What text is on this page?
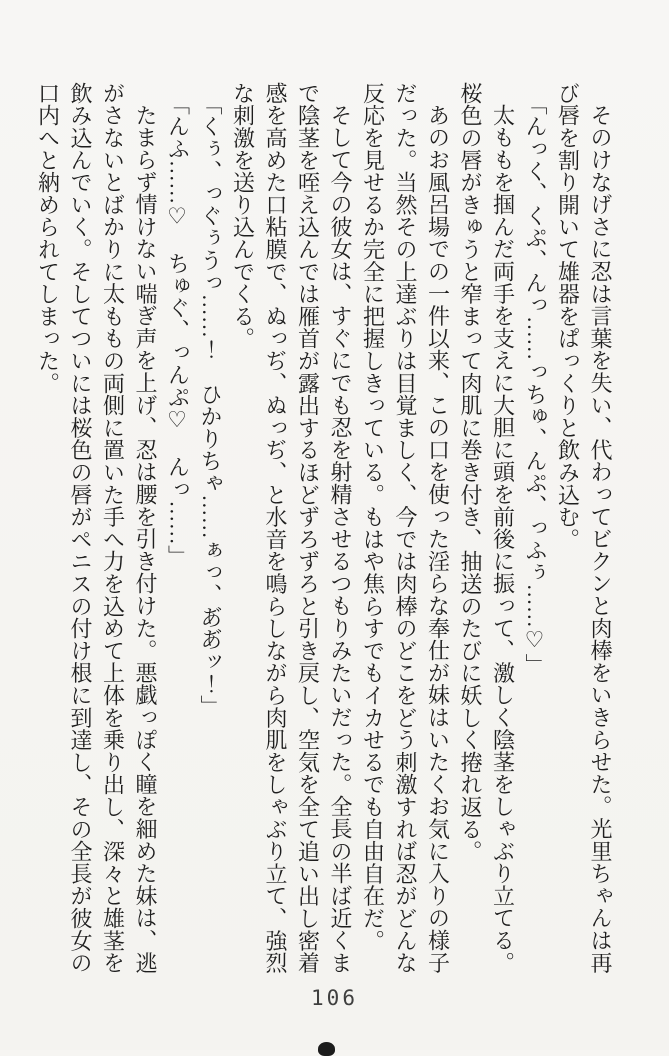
そのけなげさに忍は言葉を失い、代わってビクンと肉棒をいきらせた。光里ちゃんは再
び唇を割り開いて雄器をぱっくりと飲み込む。
「んっく、くぷ、んっ……っちゅ、んぷ、っふぅ……♡」
太ももを掴んだ両手を支えに大胆に頭を前後に振って、激しく陰茎をしゃぶり立てる。
桜色の唇がきゅうと窄まって肉肌に巻き付き、抽送のたびに妖しく捲れ返る。
あのお風呂場での一件以来、この口を使った淫らな奉仕が妹はいたくお気に入りの様子
だった。当然その上達ぶりは目覚ましく、今では肉棒のどこをどう刺激すれば忍がどんな
反応を見せるか完全に把握しきっている。もはや焦らすでもイカせるでも自由自在だ。
そして今の彼女は、すぐにでも忍を射精させるつもりみたいだった。全長の半ば近くま
で陰茎を咥え込んでは雁首が露出するほどずろずろと引き戻し、空気を全て追い出し密着
感を高めた口粘膜で、ぬっぢ、ぬっぢ、と水音を鳴らしながら肉肌をしゃぶり立て、強烈
な刺激を送り込んでくる。
「くぅ、っぐぅうっ……！　ひかりちゃ……ぁっ、あ゙あ゙ッ！」
「んふ……♡　ちゅぐ、っんぷ♡　んっ……」
たまらず情けない喘ぎ声を上げ、忍は腰を引き付けた。悪戯っぽく瞳を細めた妹は、逃
がさないとばかりに太ももの両側に置いた手へ力を込めて上体を乗り出し、深々と雄茎を
飲み込んでいく。そしてついには桜色の唇がペニスの付け根に到達し、その全長が彼女の
口内へと納められてしまった。
106
